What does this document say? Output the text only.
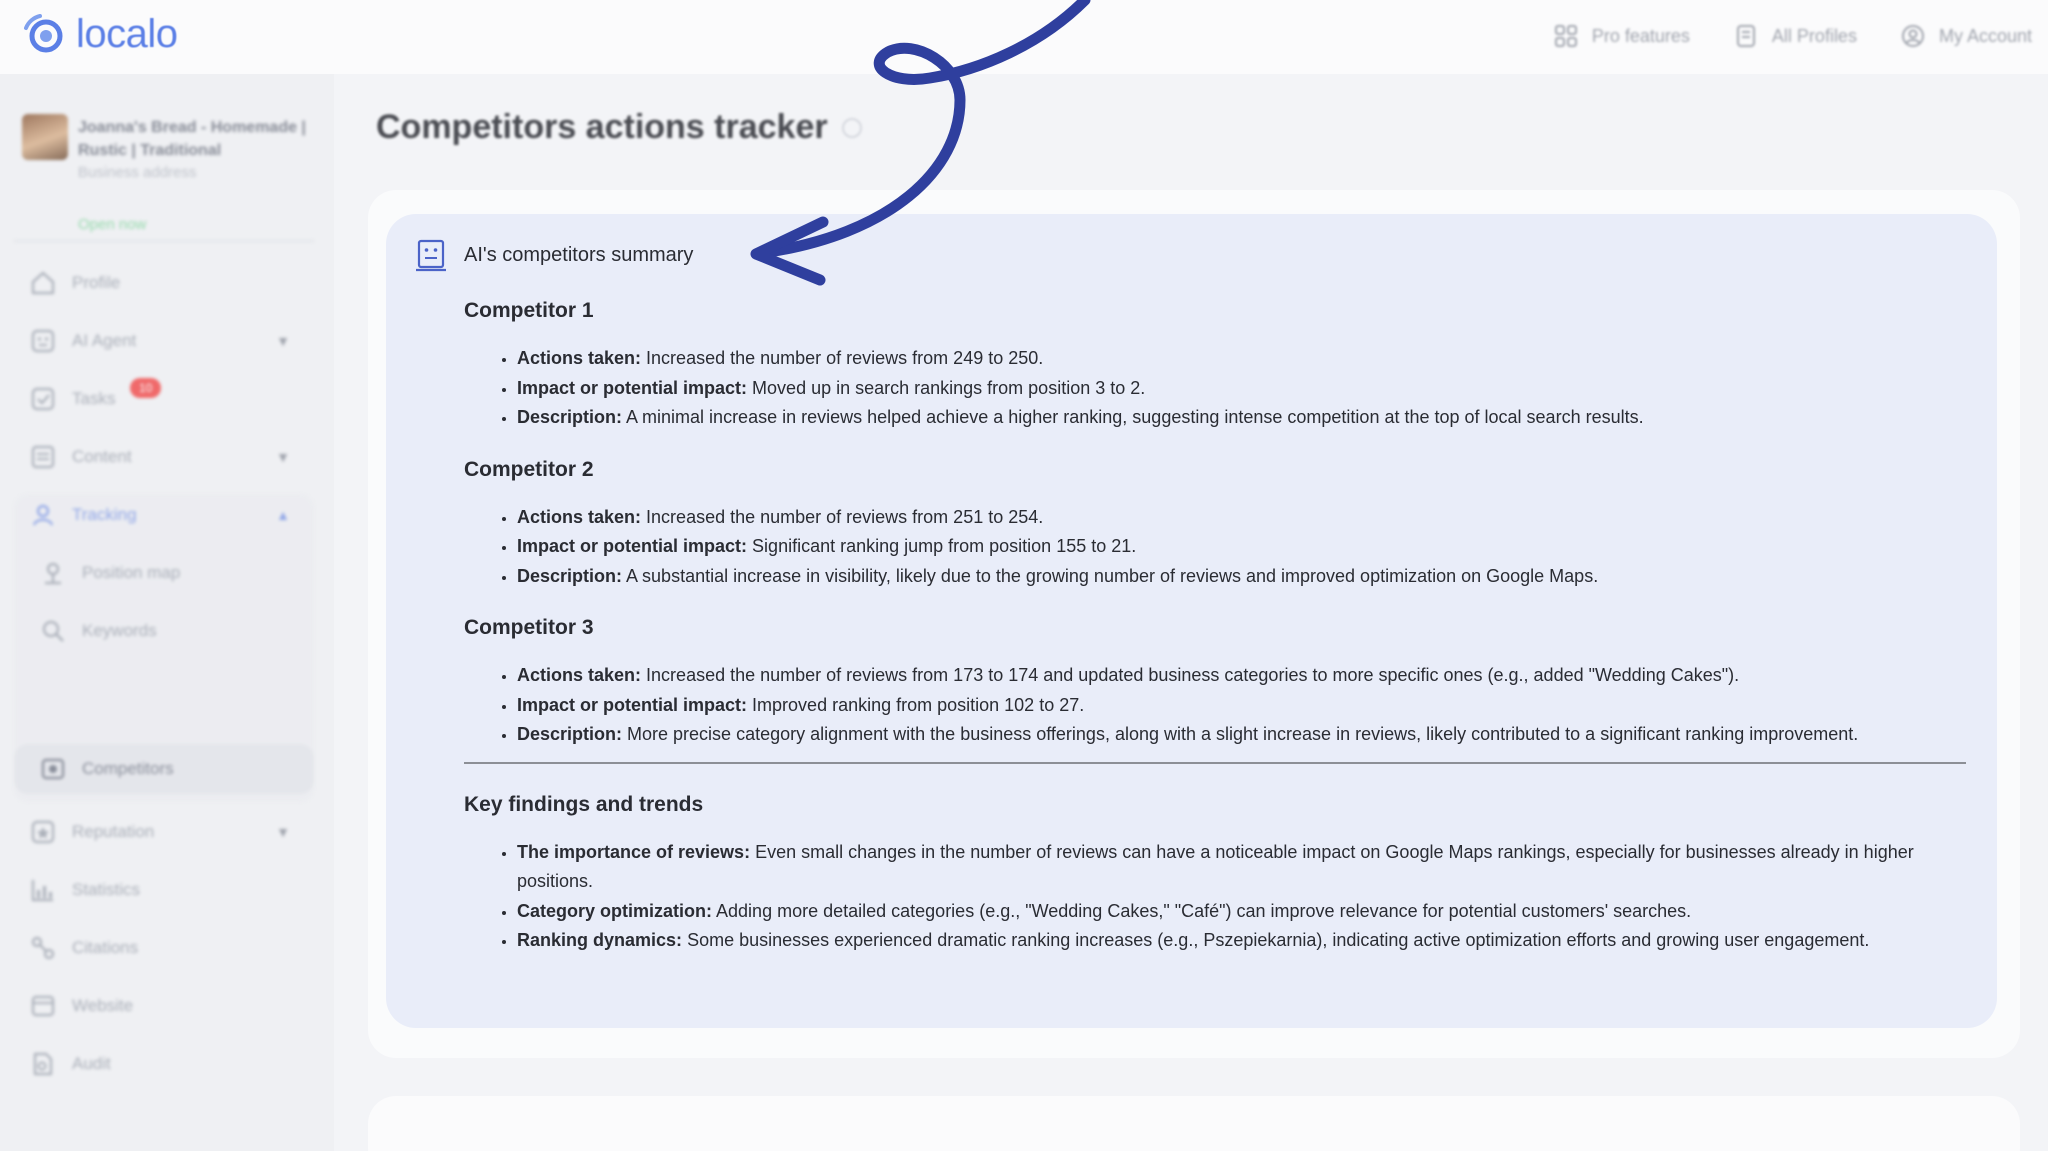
localo	Pro features	All Profiles	My Account
Joanna's Bread - Homemade | Rustic | Traditional
Business address
Open now
Profile
AI Agent	▼
Tasks
10
Content	▼
Tracking	▲
Position map
Keywords
Competitors
Reputation	▼
Statistics
Citations
Website
Audit
Competitors actions tracker
AI's competitors summary
Competitor 1
• Actions taken: Increased the number of reviews from 249 to 250.
• Impact or potential impact: Moved up in search rankings from position 3 to 2.
• Description: A minimal increase in reviews helped achieve a higher ranking, suggesting intense competition at the top of local search results.
Competitor 2
• Actions taken: Increased the number of reviews from 251 to 254.
• Impact or potential impact: Significant ranking jump from position 155 to 21.
• Description: A substantial increase in visibility, likely due to the growing number of reviews and improved optimization on Google Maps.
Competitor 3
• Actions taken: Increased the number of reviews from 173 to 174 and updated business categories to more specific ones (e.g., added "Wedding Cakes").
• Impact or potential impact: Improved ranking from position 102 to 27.
• Description: More precise category alignment with the business offerings, along with a slight increase in reviews, likely contributed to a significant ranking improvement.
Key findings and trends
• The importance of reviews: Even small changes in the number of reviews can have a noticeable impact on Google Maps rankings, especially for businesses already in higher positions.
• Category optimization: Adding more detailed categories (e.g., "Wedding Cakes," "Café") can improve relevance for potential customers' searches.
• Ranking dynamics: Some businesses experienced dramatic ranking increases (e.g., Pszepiekarnia), indicating active optimization efforts and growing user engagement.
